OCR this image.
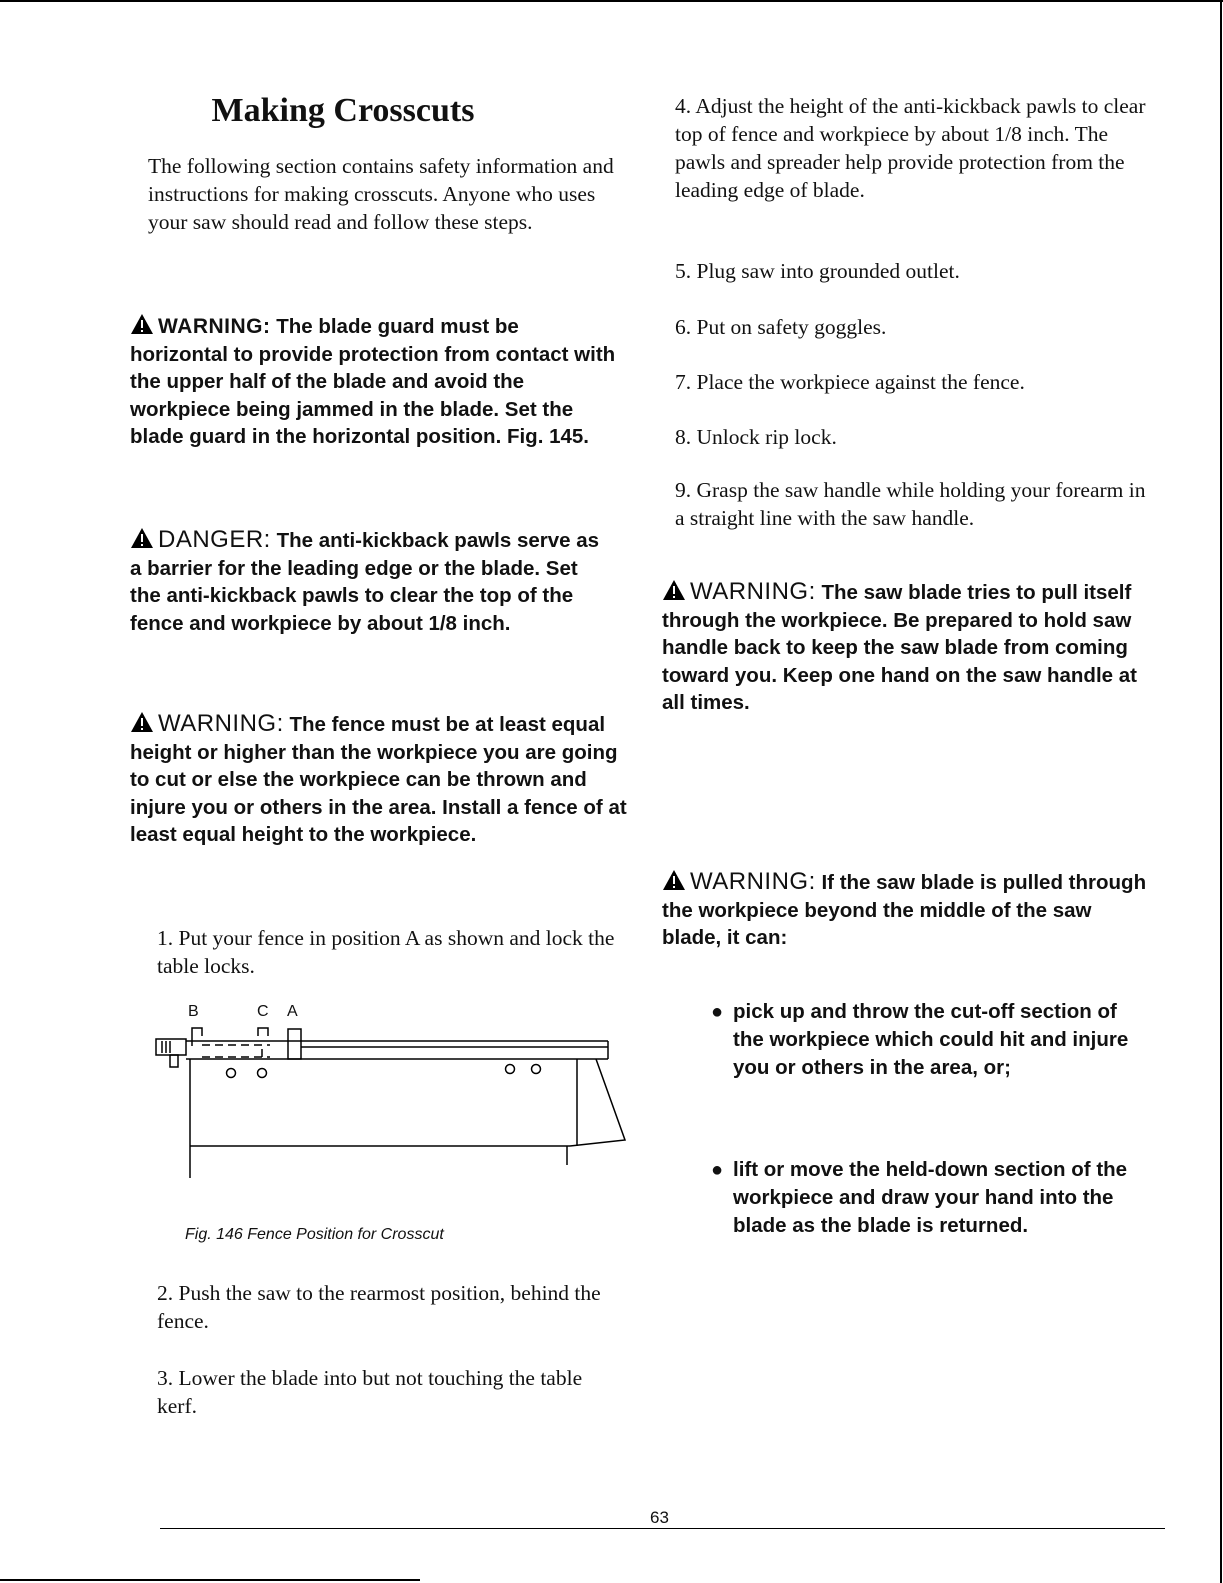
Making Crosscuts

The following section contains safety information and instructions for making crosscuts. Anyone who uses your saw should read and follow these steps.

WARNING: The blade guard must be horizontal to provide protection from contact with the upper half of the blade and avoid the workpiece being jammed in the blade. Set the blade guard in the horizontal position. Fig. 145.

DANGER: The anti-kickback pawls serve as a barrier for the leading edge or the blade. Set the anti-kickback pawls to clear the top of the fence and workpiece by about 1/8 inch.

WARNING: The fence must be at least equal height or higher than the workpiece you are going to cut or else the workpiece can be thrown and injure you or others in the area. Install a fence of at least equal height to the workpiece.

1. Put your fence in position A as shown and lock the table locks.

B	C A
Fig. 146 Fence Position for Crosscut

2. Push the saw to the rearmost position, behind the fence.

3. Lower the blade into but not touching the table kerf.

4. Adjust the height of the anti-kickback pawls to clear top of fence and workpiece by about 1/8 inch. The pawls and spreader help provide protection from the leading edge of blade.

5. Plug saw into grounded outlet.

6. Put on safety goggles.

7. Place the workpiece against the fence.

8. Unlock rip lock.

9. Grasp the saw handle while holding your forearm in a straight line with the saw handle.

WARNING: The saw blade tries to pull itself through the workpiece. Be prepared to hold saw handle back to keep the saw blade from coming toward you. Keep one hand on the saw handle at all times.

WARNING: If the saw blade is pulled through the workpiece beyond the middle of the saw blade, it can:

● pick up and throw the cut-off section of the workpiece which could hit and injure you or others in the area, or;
● lift or move the held-down section of the workpiece and draw your hand into the blade as the blade is returned.
63
